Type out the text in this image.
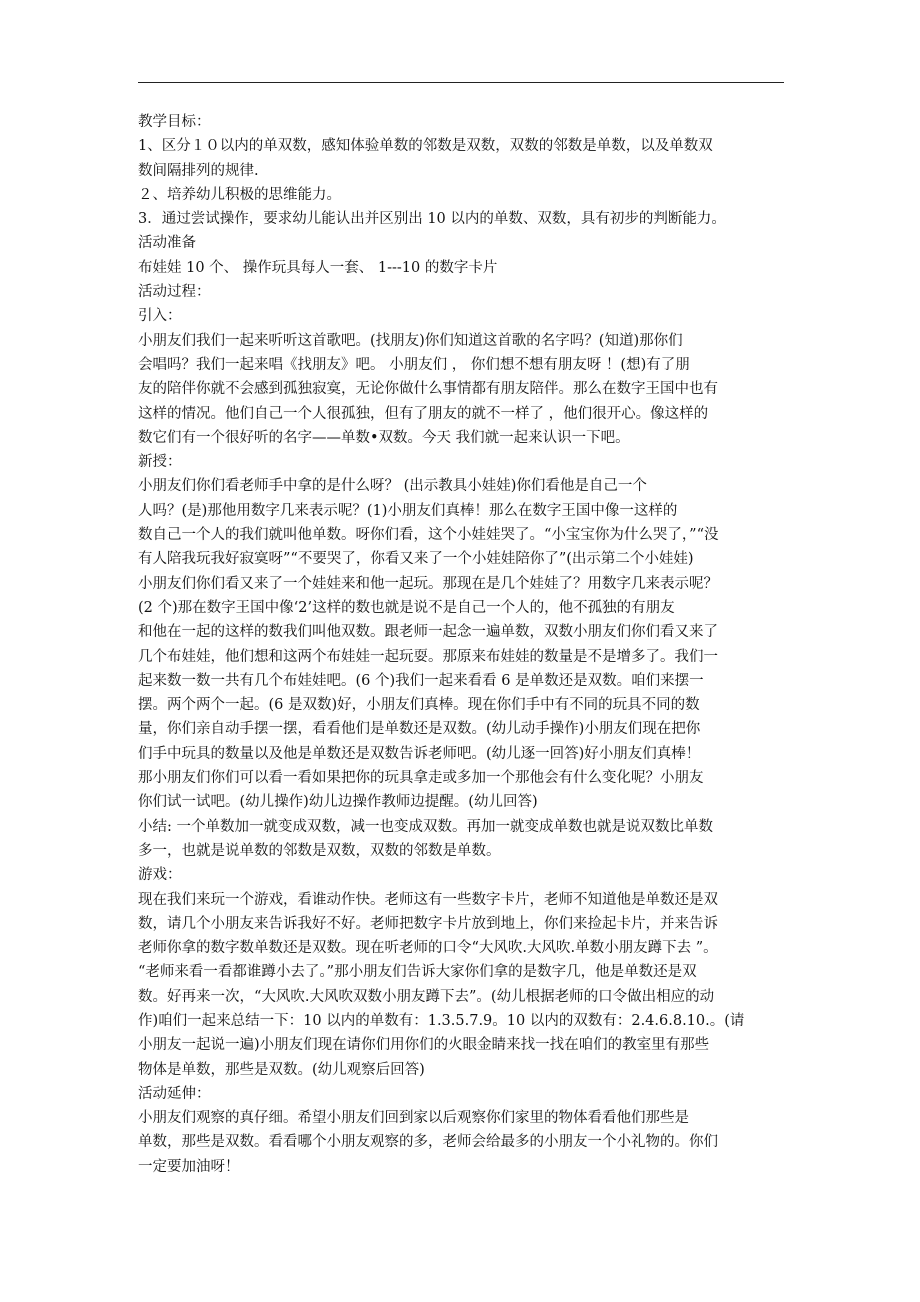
教学目标：
1、区分１０以内的单双数，感知体验单数的邻数是双数，双数的邻数是单数，以及单数双
数间隔排列的规律.
２、培养幼儿积极的思维能力。
3．通过尝试操作，要求幼儿能认出并区别出 10 以内的单数、双数，具有初步的判断能力。
活动准备
布娃娃 10 个、 操作玩具每人一套、 1---10 的数字卡片
活动过程：
引入：
小朋友们我们一起来听听这首歌吧。(找朋友)你们知道这首歌的名字吗？(知道)那你们
会唱吗？我们一起来唱《找朋友》吧。 小朋友们 ， 你们想不想有朋友呀 ！(想)有了朋
友的陪伴你就不会感到孤独寂寞，无论你做什么事情都有朋友陪伴。那么在数字王国中也有
这样的情况。他们自己一个人很孤独，但有了朋友的就不一样了 ，他们很开心。像这样的
数它们有一个很好听的名字——单数•双数。今天 我们就一起来认识一下吧。
新授：
小朋友们你们看老师手中拿的是什么呀？ (出示教具小娃娃)你们看他是自己一个
人吗？(是)那他用数字几来表示呢？(1)小朋友们真棒！那么在数字王国中像一这样的
数自己一个人的我们就叫他单数。呀你们看，这个小娃娃哭了。“小宝宝你为什么哭了，”“没
有人陪我玩我好寂寞呀”“不要哭了，你看又来了一个小娃娃陪你了”(出示第二个小娃娃)
小朋友们你们看又来了一个娃娃来和他一起玩。那现在是几个娃娃了？用数字几来表示呢？
(2 个)那在数字王国中像‘2’这样的数也就是说不是自己一个人的，他不孤独的有朋友
和他在一起的这样的数我们叫他双数。跟老师一起念一遍单数，双数小朋友们你们看又来了
几个布娃娃，他们想和这两个布娃娃一起玩耍。那原来布娃娃的数量是不是增多了。我们一
起来数一数一共有几个布娃娃吧。(6 个)我们一起来看看 6 是单数还是双数。咱们来摆一
摆。两个两个一起。(6 是双数)好，小朋友们真棒。现在你们手中有不同的玩具不同的数
量，你们亲自动手摆一摆，看看他们是单数还是双数。(幼儿动手操作)小朋友们现在把你
们手中玩具的数量以及他是单数还是双数告诉老师吧。(幼儿逐一回答)好小朋友们真棒！
那小朋友们你们可以看一看如果把你的玩具拿走或多加一个那他会有什么变化呢？小朋友
你们试一试吧。(幼儿操作)幼儿边操作教师边提醒。(幼儿回答)
小结: 一个单数加一就变成双数，减一也变成双数。再加一就变成单数也就是说双数比单数
多一，也就是说单数的邻数是双数，双数的邻数是单数。
游戏：
现在我们来玩一个游戏，看谁动作快。老师这有一些数字卡片，老师不知道他是单数还是双
数，请几个小朋友来告诉我好不好。老师把数字卡片放到地上，你们来捡起卡片，并来告诉
老师你拿的数字数单数还是双数。现在听老师的口令“大风吹.大风吹.单数小朋友蹲下去 ”。
“老师来看一看都谁蹲小去了。”那小朋友们告诉大家你们拿的是数字几，他是单数还是双
数。好再来一次，“大风吹.大风吹双数小朋友蹲下去”。(幼儿根据老师的口令做出相应的动
作)咱们一起来总结一下：10 以内的单数有：1.3.5.7.9。10 以内的双数有：2.4.6.8.10.。(请
小朋友一起说一遍)小朋友们现在请你们用你们的火眼金睛来找一找在咱们的教室里有那些
物体是单数，那些是双数。(幼儿观察后回答)
活动延伸：
小朋友们观察的真仔细。希望小朋友们回到家以后观察你们家里的物体看看他们那些是
单数，那些是双数。看看哪个小朋友观察的多，老师会给最多的小朋友一个小礼物的。你们
一定要加油呀！
